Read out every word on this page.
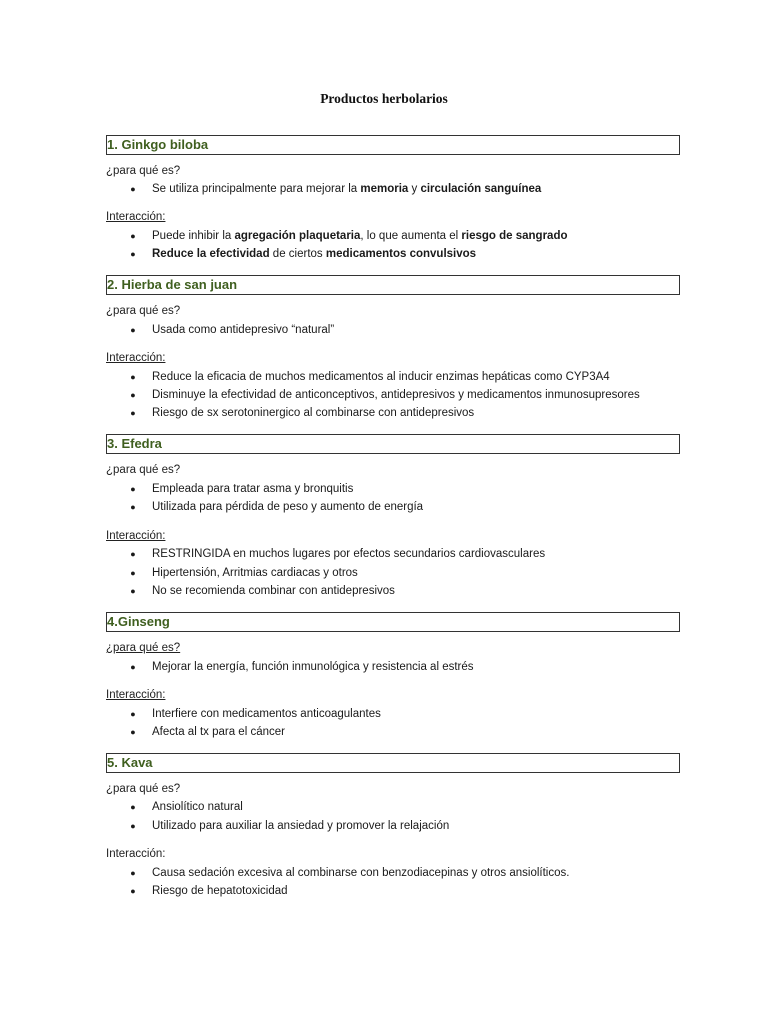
Productos herbolarios
1. Ginkgo biloba
¿para qué es?
● Se utiliza principalmente para mejorar la memoria y circulación sanguínea
Interacción:
● Puede inhibir la agregación plaquetaria, lo que aumenta el riesgo de sangrado
● Reduce la efectividad de ciertos medicamentos convulsivos
2. Hierba de san juan
¿para qué es?
● Usada como antidepresivo “natural”
Interacción:
● Reduce la eficacia de muchos medicamentos al inducir enzimas hepáticas como CYP3A4
● Disminuye la efectividad de anticonceptivos, antidepresivos y medicamentos inmunosupresores
● Riesgo de sx serotoninergico al combinarse con antidepresivos
3. Efedra
¿para qué es?
● Empleada para tratar asma y bronquitis
● Utilizada para pérdida de peso y aumento de energía
Interacción:
● RESTRINGIDA en muchos lugares por efectos secundarios cardiovasculares
● Hipertensión, Arritmias cardiacas y otros
● No se recomienda combinar con antidepresivos
4.Ginseng
¿para qué es?
● Mejorar la energía, función inmunológica y resistencia al estrés
Interacción:
● Interfiere con medicamentos anticoagulantes
● Afecta al tx para el cáncer
5. Kava
¿para qué es?
● Ansiolítico natural
● Utilizado para auxiliar la ansiedad y promover la relajación
Interacción:
● Causa sedación excesiva al combinarse con benzodiacepinas y otros ansiolíticos.
● Riesgo de hepatotoxicidad
